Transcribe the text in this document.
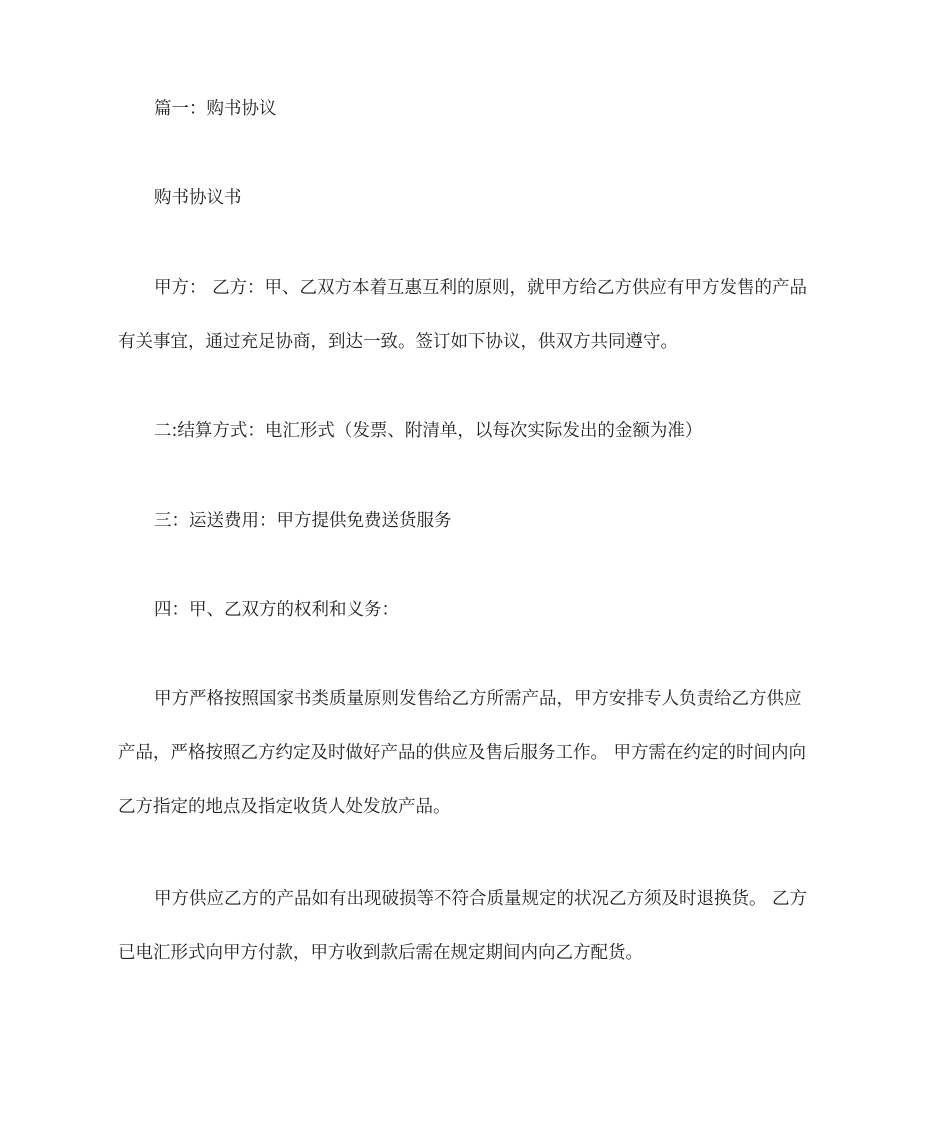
篇一：购书协议
购书协议书
甲方： 乙方：甲、乙双方本着互惠互利的原则，就甲方给乙方供应有甲方发售的产品
有关事宜，通过充足协商，到达一致。签订如下协议，供双方共同遵守。
二:结算方式：电汇形式（发票、附清单，以每次实际发出的金额为准）
三：运送费用：甲方提供免费送货服务
四：甲、乙双方的权利和义务：
甲方严格按照国家书类质量原则发售给乙方所需产品，甲方安排专人负责给乙方供应
产品，严格按照乙方约定及时做好产品的供应及售后服务工作。 甲方需在约定的时间内向
乙方指定的地点及指定收货人处发放产品。
甲方供应乙方的产品如有出现破损等不符合质量规定的状况乙方须及时退换货。 乙方
已电汇形式向甲方付款，甲方收到款后需在规定期间内向乙方配货。
